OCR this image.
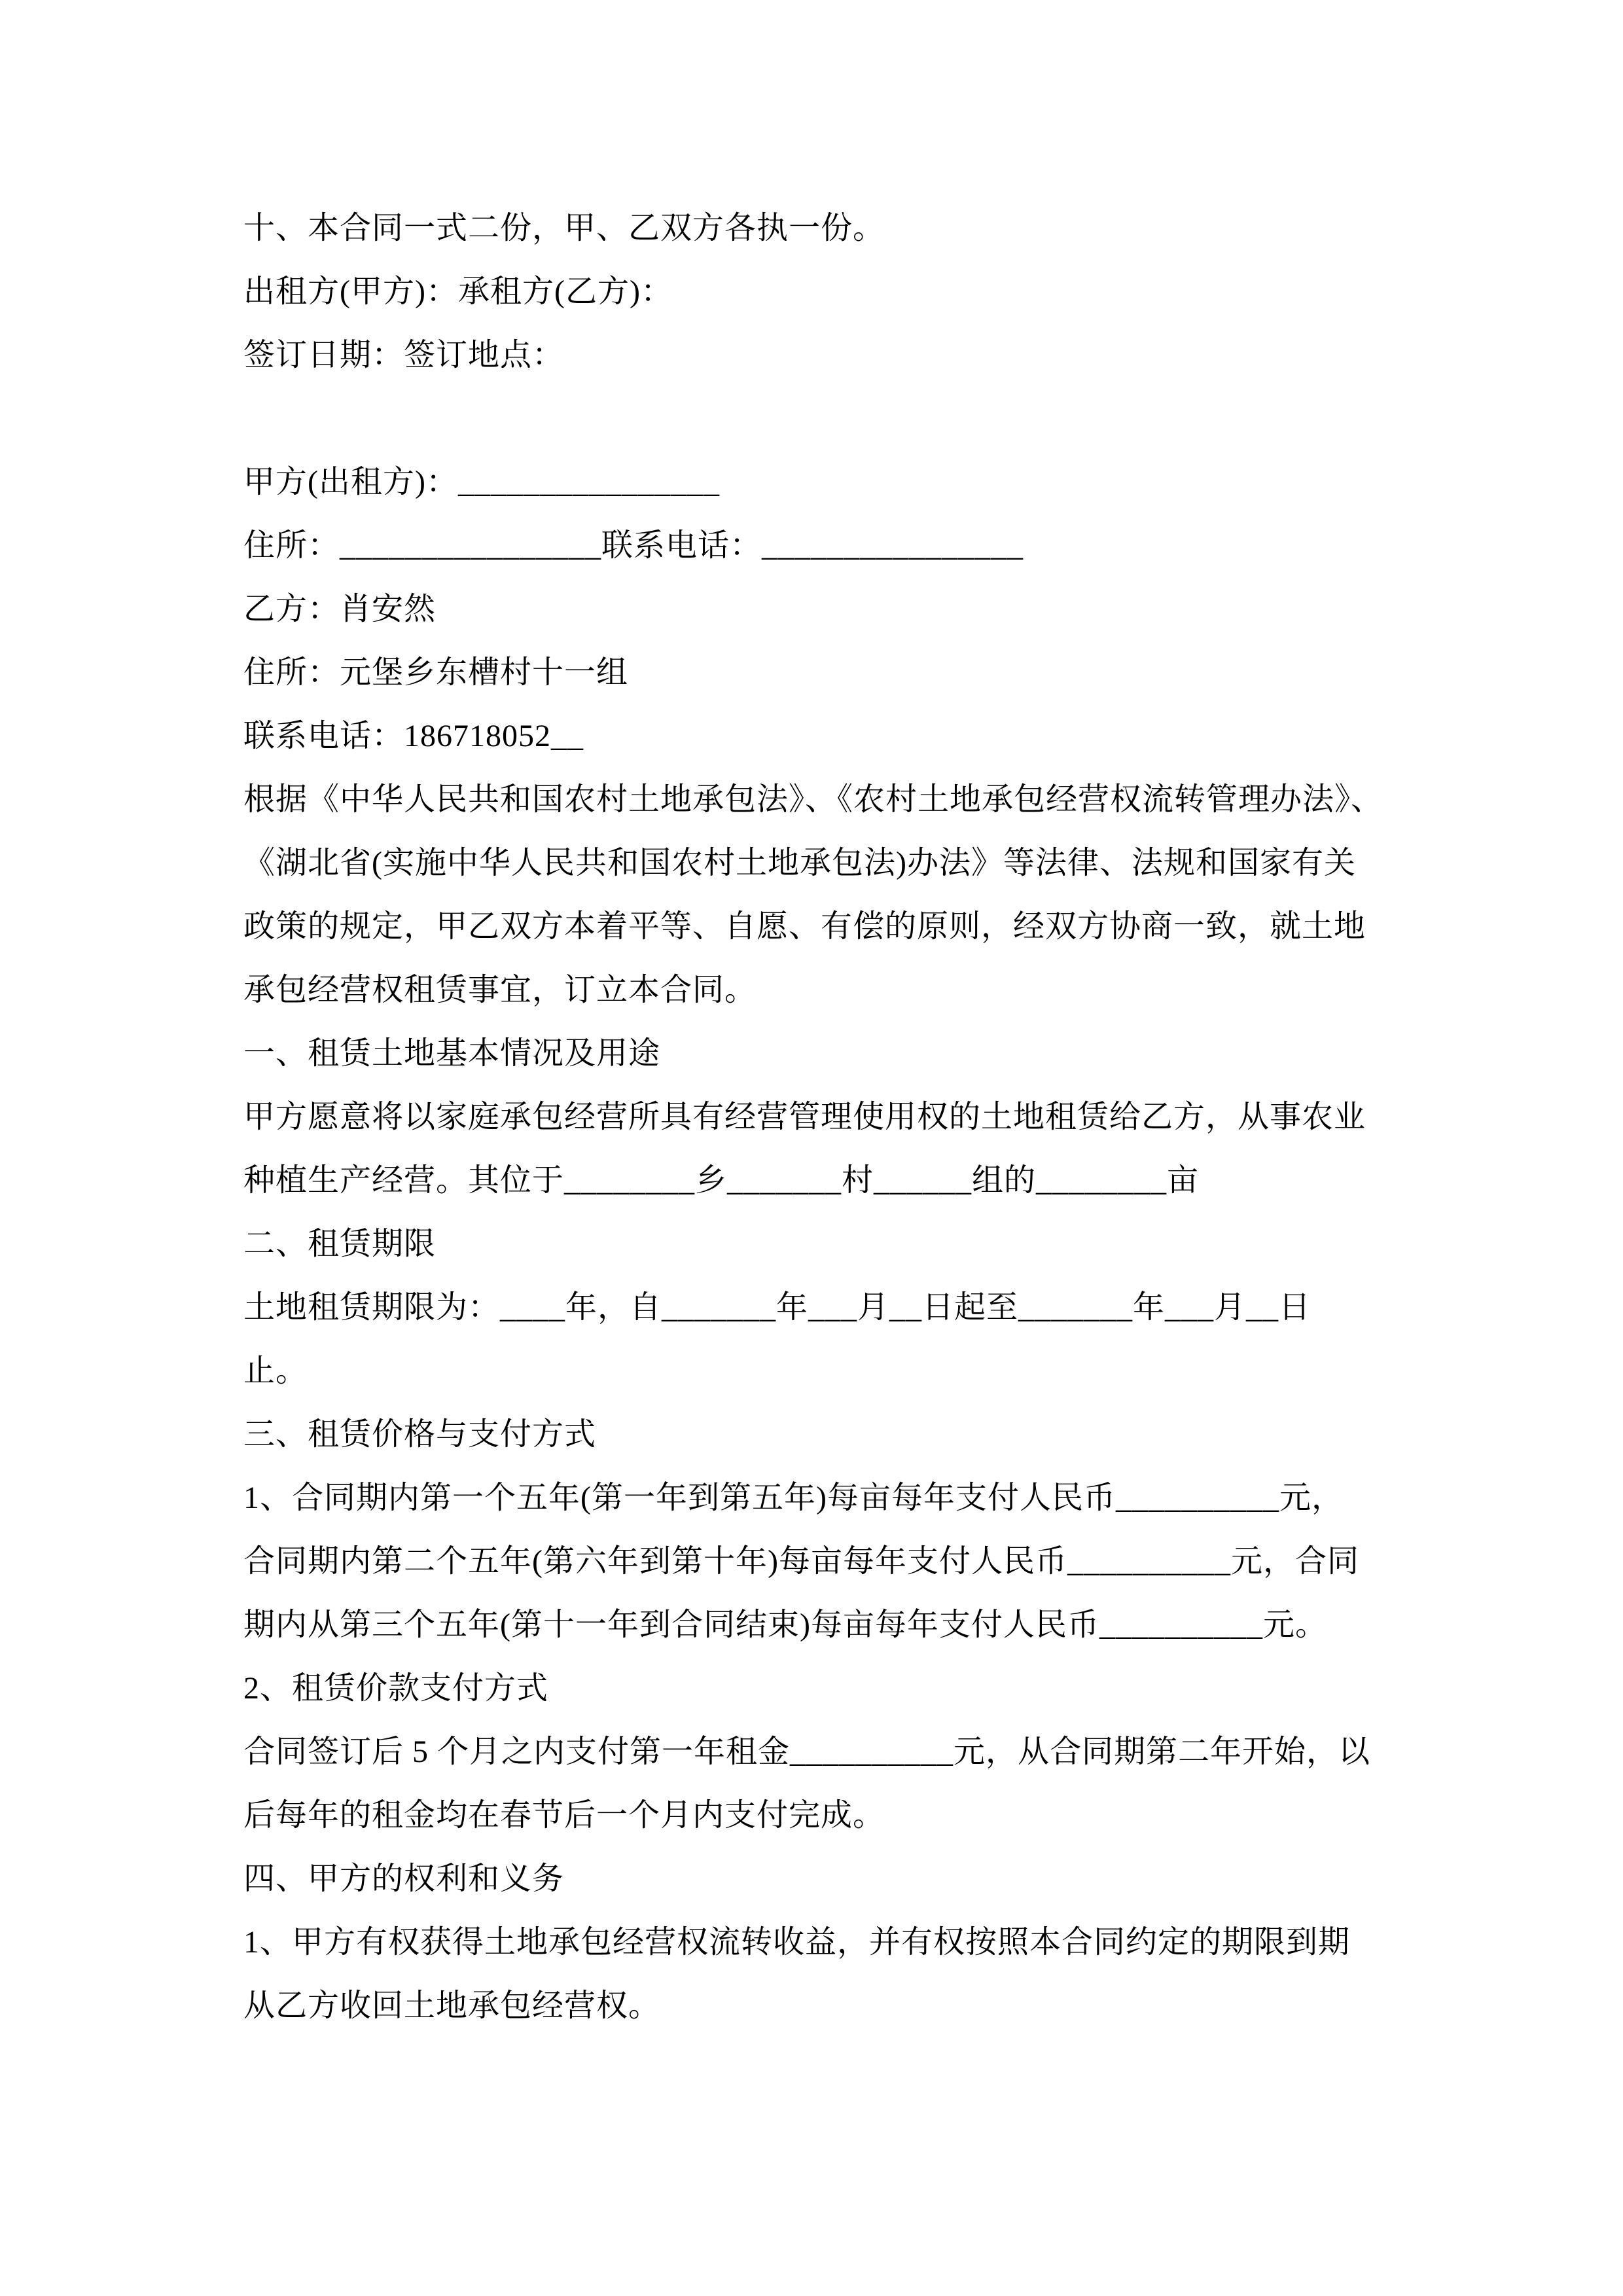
十、本合同一式二份，甲、乙双方各执一份。
出租方(甲方)：承租方(乙方)：
签订日期：签订地点：
甲方(出租方)：________________
住所：________________联系电话：________________
乙方：肖安然
住所：元堡乡东槽村十一组
联系电话：186718052__
根据《中华人民共和国农村土地承包法》、《农村土地承包经营权流转管理办法》、
《湖北省(实施中华人民共和国农村土地承包法)办法》等法律、法规和国家有关
政策的规定，甲乙双方本着平等、自愿、有偿的原则，经双方协商一致，就土地
承包经营权租赁事宜，订立本合同。
一、租赁土地基本情况及用途
甲方愿意将以家庭承包经营所具有经营管理使用权的土地租赁给乙方，从事农业
种植生产经营。其位于________乡_______村______组的________亩
二、租赁期限
土地租赁期限为：____年，自_______年___月__日起至_______年___月__日
止。
三、租赁价格与支付方式
1、合同期内第一个五年(第一年到第五年)每亩每年支付人民币__________元，
合同期内第二个五年(第六年到第十年)每亩每年支付人民币__________元，合同
期内从第三个五年(第十一年到合同结束)每亩每年支付人民币__________元。
2、租赁价款支付方式
合同签订后 5 个月之内支付第一年租金__________元，从合同期第二年开始，以
后每年的租金均在春节后一个月内支付完成。
四、甲方的权利和义务
1、甲方有权获得土地承包经营权流转收益，并有权按照本合同约定的期限到期
从乙方收回土地承包经营权。
